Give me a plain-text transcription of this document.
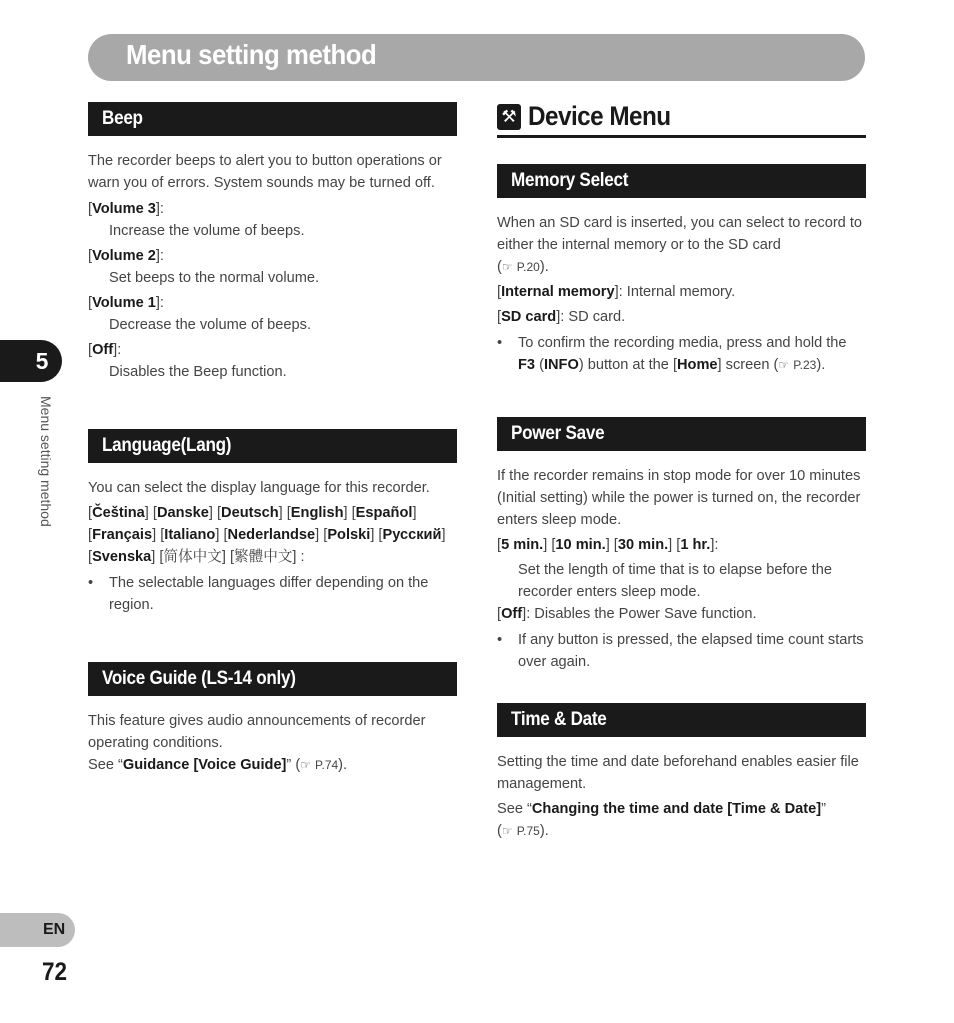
Menu setting method
5
Menu setting method
EN
72
Beep

The recorder beeps to alert you to button operations or warn you of errors. System sounds may be turned off.

[Volume 3]:
Increase the volume of beeps.
[Volume 2]:
Set beeps to the normal volume.
[Volume 1]:
Decrease the volume of beeps.
[Off]:
Disables the Beep function.
Language(Lang)

You can select the display language for this recorder.

[Čeština] [Danske] [Deutsch] [English] [Español] [Français] [Italiano] [Nederlandse] [Polski] [Русский] [Svenska] [简体中文] [繁體中文] :
• The selectable languages differ depending on the region.
Voice Guide (LS-14 only)

This feature gives audio announcements of recorder operating conditions.

See “Guidance [Voice Guide]” (☞ P.74).
⚒ Device Menu
Memory Select

When an SD card is inserted, you can select to record to either the internal memory or to the SD card
(☞ P.20).

[Internal memory]: Internal memory.
[SD card]: SD card.
• To confirm the recording media, press and hold the F3 (INFO) button at the [Home] screen (☞ P.23).
Power Save

If the recorder remains in stop mode for over 10 minutes (Initial setting) while the power is turned on, the recorder enters sleep mode.

[5 min.] [10 min.] [30 min.] [1 hr.]:
Set the length of time that is to elapse before the recorder enters sleep mode.
[Off]: Disables the Power Save function.
• If any button is pressed, the elapsed time count starts over again.
Time & Date

Setting the time and date beforehand enables easier file management.

See “Changing the time and date [Time & Date]”
(☞ P.75).
